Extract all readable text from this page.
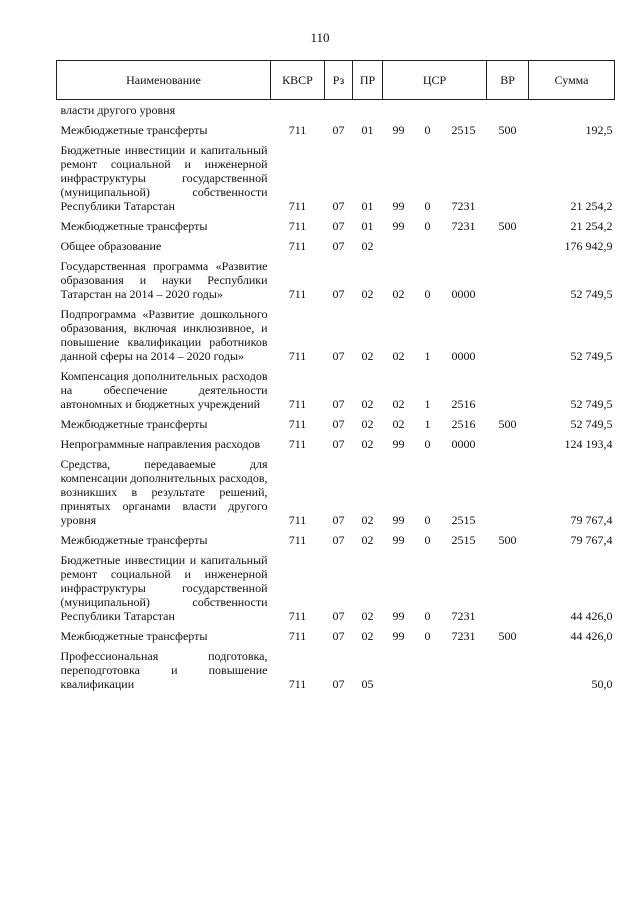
110
Наименование	КВСР	Рз	ПР	ЦСР			ВР	Сумма
власти другого уровня								
Межбюджетные трансферты	711	07	01	99	0	2515	500	192,5
Бюджетные инвестиции и капитальный ремонт социальной и инженерной инфраструктуры государственной (муниципальной) собственности Республики Татарстан	711	07	01	99	0	7231		21 254,2
Межбюджетные трансферты	711	07	01	99	0	7231	500	21 254,2
Общее образование	711	07	02					176 942,9
Государственная программа «Развитие образования и науки Республики Татарстан на 2014 – 2020 годы»	711	07	02	02	0	0000		52 749,5
Подпрограмма «Развитие дошкольного образования, включая инклюзивное, и повышение квалификации работников данной сферы на 2014 – 2020 годы»	711	07	02	02	1	0000		52 749,5
Компенсация дополнительных расходов на обеспечение деятельности автономных и бюджетных учреждений	711	07	02	02	1	2516		52 749,5
Межбюджетные трансферты	711	07	02	02	1	2516	500	52 749,5
Непрограммные направления расходов	711	07	02	99	0	0000		124 193,4
Средства, передаваемые для компенсации дополнительных расходов, возникших в результате решений, принятых органами власти другого уровня	711	07	02	99	0	2515		79 767,4
Межбюджетные трансферты	711	07	02	99	0	2515	500	79 767,4
Бюджетные инвестиции и капитальный ремонт социальной и инженерной инфраструктуры государственной (муниципальной) собственности Республики Татарстан	711	07	02	99	0	7231		44 426,0
Межбюджетные трансферты	711	07	02	99	0	7231	500	44 426,0
Профессиональная подготовка, переподготовка и повышение квалификации	711	07	05					50,0
